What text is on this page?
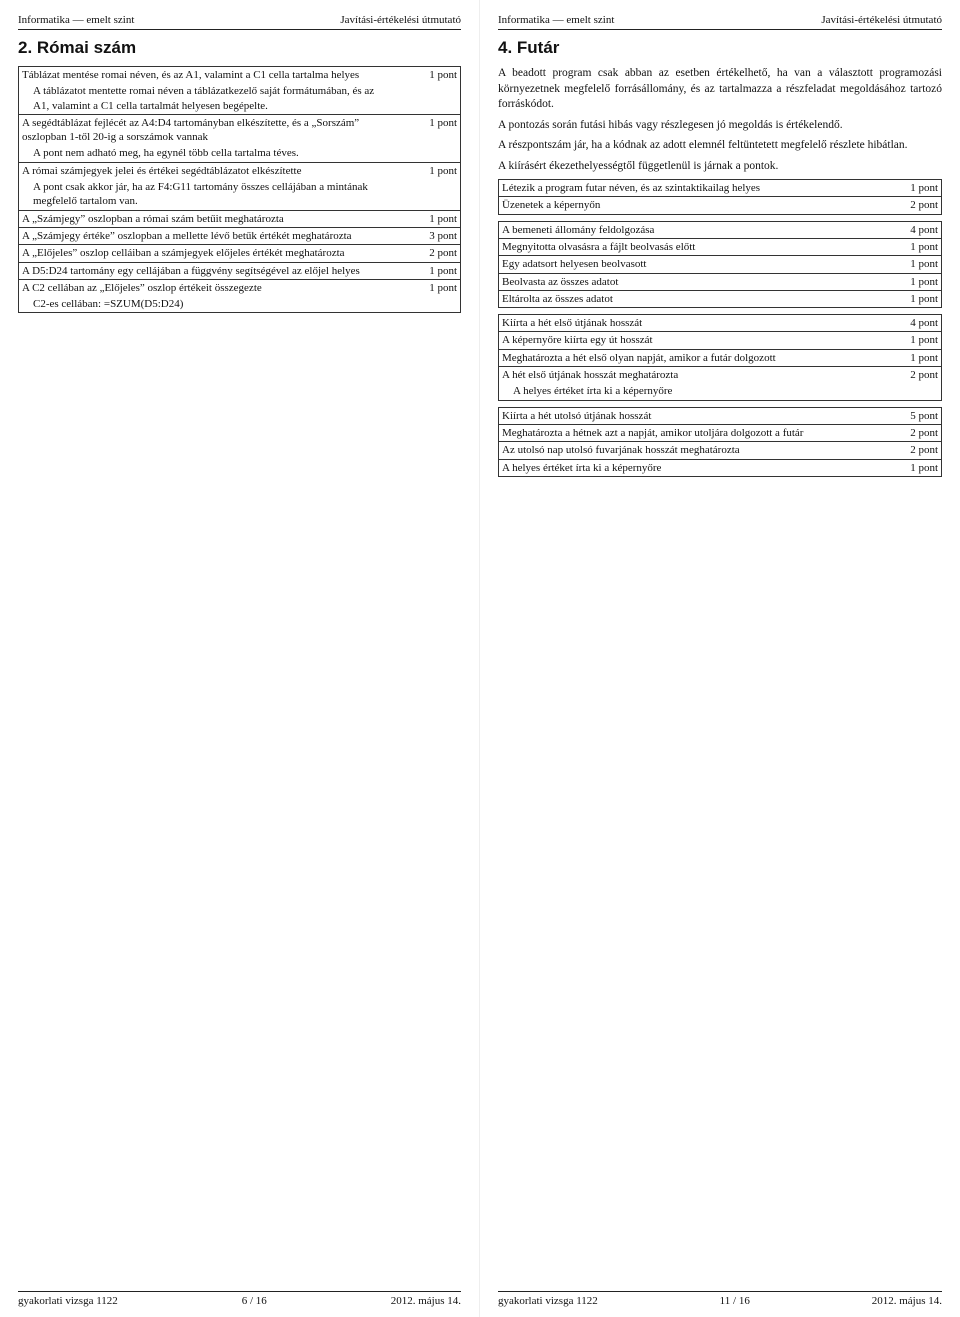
Informatika — emelt szint	Javítási-értékelési útmutató
2. Római szám
Táblázat mentése romai néven, és az A1, valamint a C1 cella tartalma helyes	1 pont
A táblázatot mentette romai néven a táblázatkezelő saját formátumában, és az A1, valamint a C1 cella tartalmát helyesen begépelte.	
A segédtáblázat fejlécét az A4:D4 tartományban elkészítette, és a „Sorszám” oszlopban 1-től 20-ig a sorszámok vannak	1 pont
A pont nem adható meg, ha egynél több cella tartalma téves.	
A római számjegyek jelei és értékei segédtáblázatot elkészítette	1 pont
A pont csak akkor jár, ha az F4:G11 tartomány összes cellájában a mintának megfelelő tartalom van.	
A „Számjegy” oszlopban a római szám betűit meghatározta	1 pont
A „Számjegy értéke” oszlopban a mellette lévő betűk értékét meghatározta	3 pont
A „Előjeles” oszlop celláiban a számjegyek előjeles értékét meghatározta	2 pont
A D5:D24 tartomány egy cellájában a függvény segítségével az előjel helyes	1 pont
A C2 cellában az „Előjeles” oszlop értékeit összegezte	1 pont
C2-es cellában: =SZUM(D5:D24)	
gyakorlati vizsga 1122	6 / 16	2012. május 14.
Informatika — emelt szint	Javítási-értékelési útmutató
4. Futár

A beadott program csak abban az esetben értékelhető, ha van a választott programozási környezetnek megfelelő forrásállomány, és az tartalmazza a részfeladat megoldásához tartozó forráskódot.

A pontozás során futási hibás vagy részlegesen jó megoldás is értékelendő.

A részpontszám jár, ha a kódnak az adott elemnél feltüntetett megfelelő részlete hibátlan.

A kiírásért ékezethelyességtől függetlenül is járnak a pontok.

Létezik a program futar néven, és az szintaktikailag helyes	1 pont
Üzenetek a képernyőn	2 pont
A bemeneti állomány feldolgozása	4 pont
Megnyitotta olvasásra a fájlt beolvasás előtt	1 pont
Egy adatsort helyesen beolvasott	1 pont
Beolvasta az összes adatot	1 pont
Eltárolta az összes adatot	1 pont
Kiírta a hét első útjának hosszát	4 pont
A képernyőre kiírta egy út hosszát	1 pont
Meghatározta a hét első olyan napját, amikor a futár dolgozott	1 pont
A hét első útjának hosszát meghatározta	2 pont
A helyes értéket írta ki a képernyőre	
Kiírta a hét utolsó útjának hosszát	5 pont
Meghatározta a hétnek azt a napját, amikor utoljára dolgozott a futár	2 pont
Az utolsó nap utolsó fuvarjának hosszát meghatározta	2 pont
A helyes értéket írta ki a képernyőre	1 pont
gyakorlati vizsga 1122	11 / 16	2012. május 14.
